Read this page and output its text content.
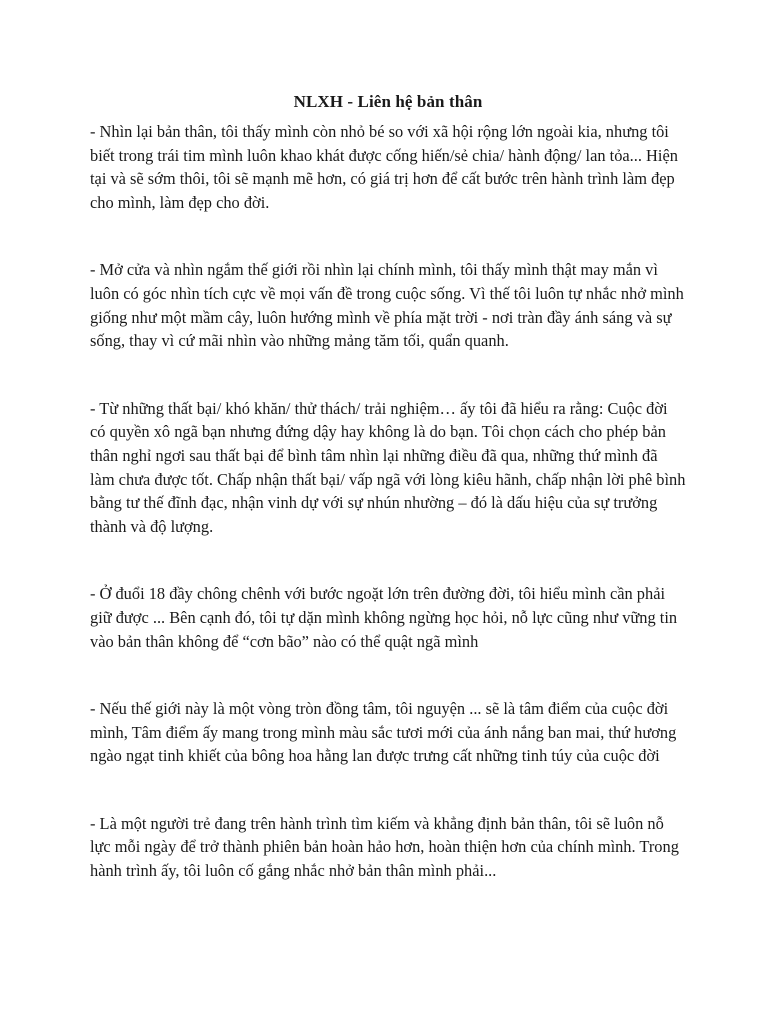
NLXH - Liên hệ bản thân

- Nhìn lại bản thân, tôi thấy mình còn nhỏ bé so với xã hội rộng lớn ngoài kia, nhưng tôi biết trong trái tim mình luôn khao khát được cống hiến/sẻ chia/ hành động/ lan tỏa... Hiện tại và sẽ sớm thôi, tôi sẽ mạnh mẽ hơn, có giá trị hơn để cất bước trên hành trình làm đẹp cho mình, làm đẹp cho đời.

- Mở cửa và nhìn ngắm thế giới rồi nhìn lại chính mình, tôi thấy mình thật may mắn vì luôn có góc nhìn tích cực về mọi vấn đề trong cuộc sống. Vì thế tôi luôn tự nhắc nhở mình giống như một mầm cây, luôn hướng mình về phía mặt trời - nơi tràn đầy ánh sáng và sự sống, thay vì cứ mãi nhìn vào những mảng tăm tối, quẩn quanh.

- Từ những thất bại/ khó khăn/ thử thách/ trải nghiệm… ấy tôi đã hiểu ra rằng: Cuộc đời có quyền xô ngã bạn nhưng đứng dậy hay không là do bạn. Tôi chọn cách cho phép bản thân nghỉ ngơi sau thất bại để bình tâm nhìn lại những điều đã qua, những thứ mình đã làm chưa được tốt. Chấp nhận thất bại/ vấp ngã với lòng kiêu hãnh, chấp nhận lời phê bình bằng tư thế đĩnh đạc, nhận vinh dự với sự nhún nhường – đó là dấu hiệu của sự trưởng thành và độ lượng.

- Ở đuổi 18 đầy chông chênh với bước ngoặt lớn trên đường đời, tôi hiểu mình cần phải giữ được ... Bên cạnh đó, tôi tự dặn mình không ngừng học hỏi, nỗ lực cũng như vững tin vào bản thân không để “cơn bão” nào có thể quật ngã mình

- Nếu thế giới này là một vòng tròn đồng tâm, tôi nguyện ... sẽ là tâm điểm của cuộc đời mình, Tâm điểm ấy mang trong mình màu sắc tươi mới của ánh nắng ban mai, thứ hương ngào ngạt tinh khiết của bông hoa hằng lan được trưng cất những tinh túy của cuộc đời

- Là một người trẻ đang trên hành trình tìm kiếm và khẳng định bản thân, tôi sẽ luôn nỗ lực mỗi ngày để trở thành phiên bản hoàn hảo hơn, hoàn thiện hơn của chính mình. Trong hành trình ấy, tôi luôn cố gắng nhắc nhở bản thân mình phải...
